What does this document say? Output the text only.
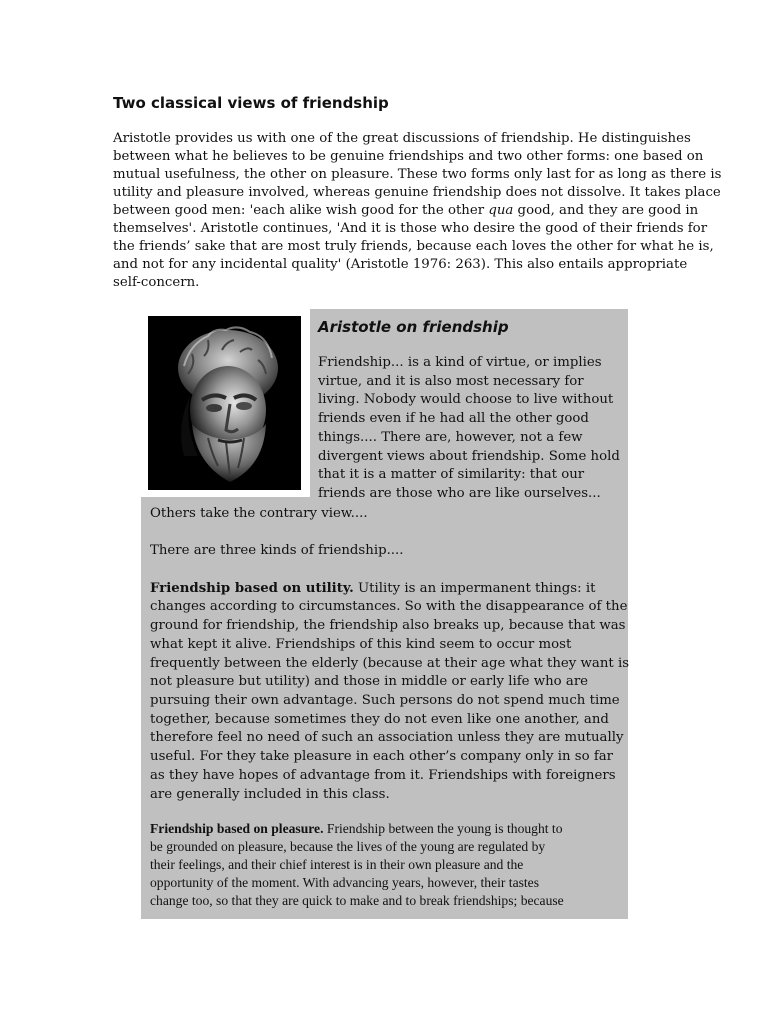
Two classical views of friendship

Aristotle provides us with one of the great discussions of friendship. He distinguishes
between what he believes to be genuine friendships and two other forms: one based on
mutual usefulness, the other on pleasure. These two forms only last for as long as there is
utility and pleasure involved, whereas genuine friendship does not dissolve. It takes place
between good men: 'each alike wish good for the other qua good, and they are good in
themselves'. Aristotle continues, 'And it is those who desire the good of their friends for
the friends’ sake that are most truly friends, because each loves the other for what he is,
and not for any incidental quality' (Aristotle 1976: 263). This also entails appropriate
self-concern.

Aristotle on friendship

Friendship... is a kind of virtue, or implies
virtue, and it is also most necessary for
living. Nobody would choose to live without
friends even if he had all the other good
things.... There are, however, not a few
divergent views about friendship. Some hold
that it is a matter of similarity: that our
friends are those who are like ourselves...

Others take the contrary view....
There are three kinds of friendship....
Friendship based on utility. Utility is an impermanent things: it
changes according to circumstances. So with the disappearance of the
ground for friendship, the friendship also breaks up, because that was
what kept it alive. Friendships of this kind seem to occur most
frequently between the elderly (because at their age what they want is
not pleasure but utility) and those in middle or early life who are
pursuing their own advantage. Such persons do not spend much time
together, because sometimes they do not even like one another, and
therefore feel no need of such an association unless they are mutually
useful. For they take pleasure in each other’s company only in so far
as they have hopes of advantage from it. Friendships with foreigners
are generally included in this class.
Friendship based on pleasure. Friendship between the young is thought to
be grounded on pleasure, because the lives of the young are regulated by
their feelings, and their chief interest is in their own pleasure and the
opportunity of the moment. With advancing years, however, their tastes
change too, so that they are quick to make and to break friendships; because
